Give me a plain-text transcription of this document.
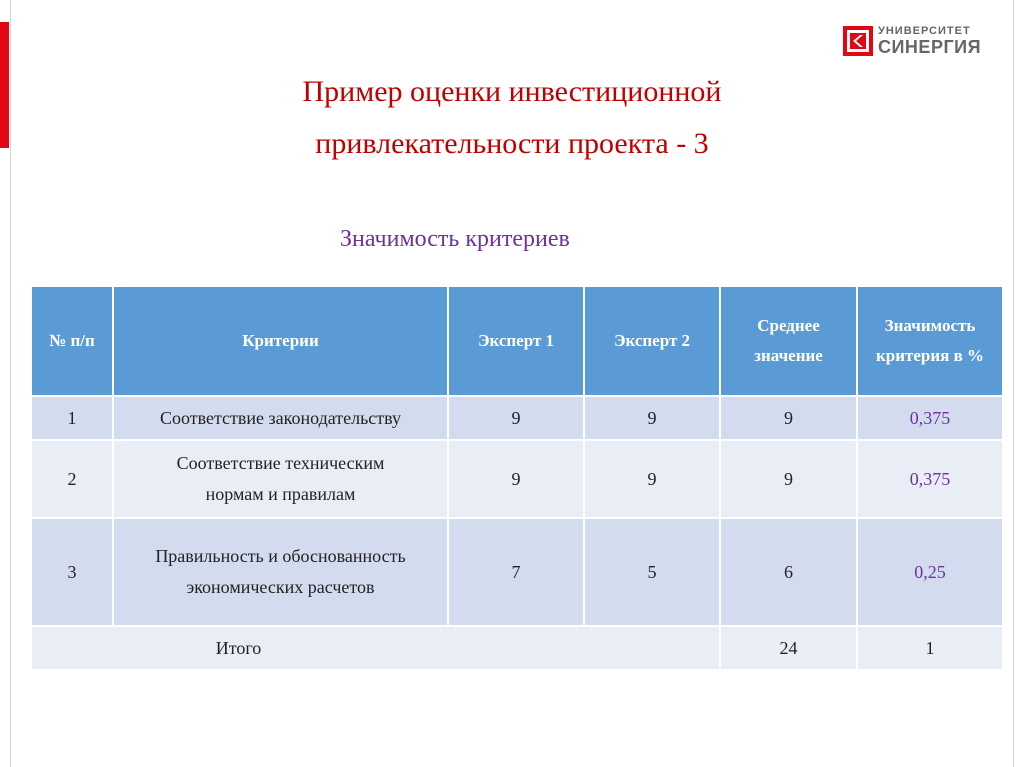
УНИВЕРСИТЕТ
СИНЕРГИЯ
Пример оценки инвестиционной
привлекательности проекта - 3
Значимость критериев
№ п/п	Критерии	Эксперт 1	Эксперт 2	Среднее значение	Значимость критерия в %
1	Соответствие законодательству	9	9	9	0,375
2	Соответствие техническим нормам и правилам	9	9	9	0,375
3	Правильность и обоснованность экономических расчетов	7	5	6	0,25
Итого				24	1
